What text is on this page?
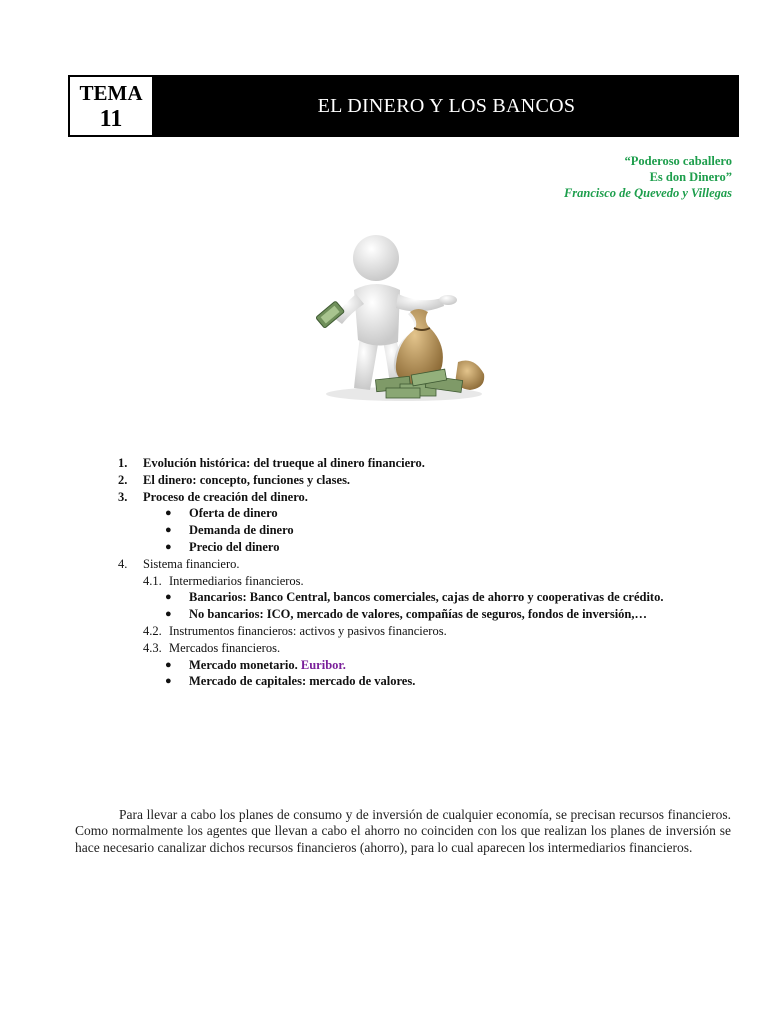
TEMA
11	EL DINERO Y LOS BANCOS
“Poderoso caballero
Es don Dinero”
Francisco de Quevedo y Villegas
1. Evolución histórica: del trueque al dinero financiero.
2. El dinero: concepto, funciones y clases.
3. Proceso de creación del dinero.
● Oferta de dinero
● Demanda de dinero
● Precio del dinero
4. Sistema financiero.
4.1. Intermediarios financieros.
● Bancarios: Banco Central, bancos comerciales, cajas de ahorro y cooperativas de crédito.
● No bancarios: ICO, mercado de valores, compañías de seguros, fondos de inversión,…
4.2. Instrumentos financieros: activos y pasivos financieros.
4.3. Mercados financieros.
● Mercado monetario. Euribor.
● Mercado de capitales: mercado de valores.

Para llevar a cabo los planes de consumo y de inversión de cualquier economía, se precisan recursos financieros. Como normalmente los agentes que llevan a cabo el ahorro no coinciden con los que realizan los planes de inversión se hace necesario canalizar dichos recursos financieros (ahorro), para lo cual aparecen los intermediarios financieros.
